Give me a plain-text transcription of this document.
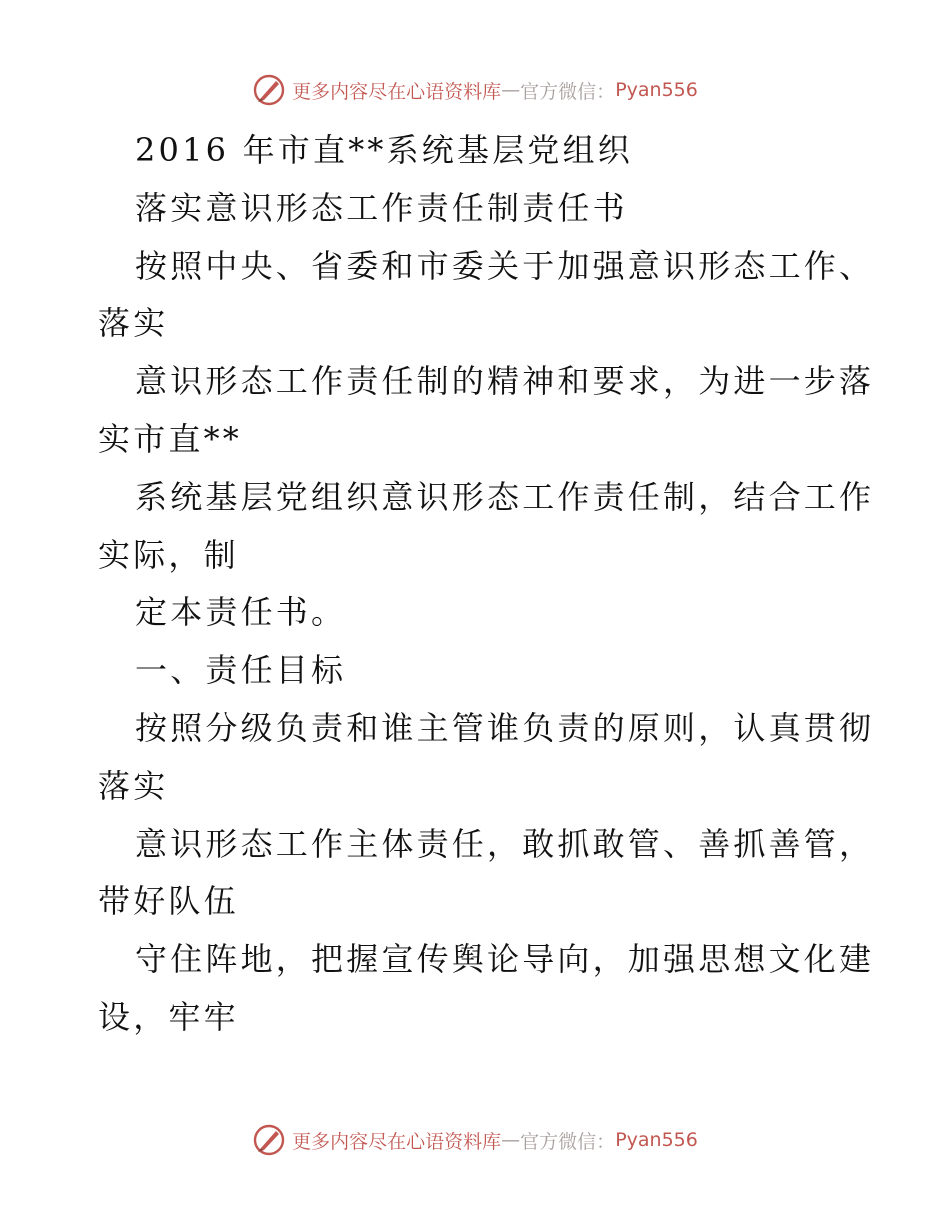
更多内容尽在心语资料库 — 官方微信： Pyan556
2016 年市直**系统基层党组织
落实意识形态工作责任制责任书
按照中央、省委和市委关于加强意识形态工作、
落实
意识形态工作责任制的精神和要求，为进一步落
实市直**
系统基层党组织意识形态工作责任制，结合工作
实际，制
定本责任书。
一、责任目标
按照分级负责和谁主管谁负责的原则，认真贯彻
落实
意识形态工作主体责任，敢抓敢管、善抓善管，
带好队伍
守住阵地，把握宣传舆论导向，加强思想文化建
设，牢牢
更多内容尽在心语资料库 — 官方微信： Pyan556
